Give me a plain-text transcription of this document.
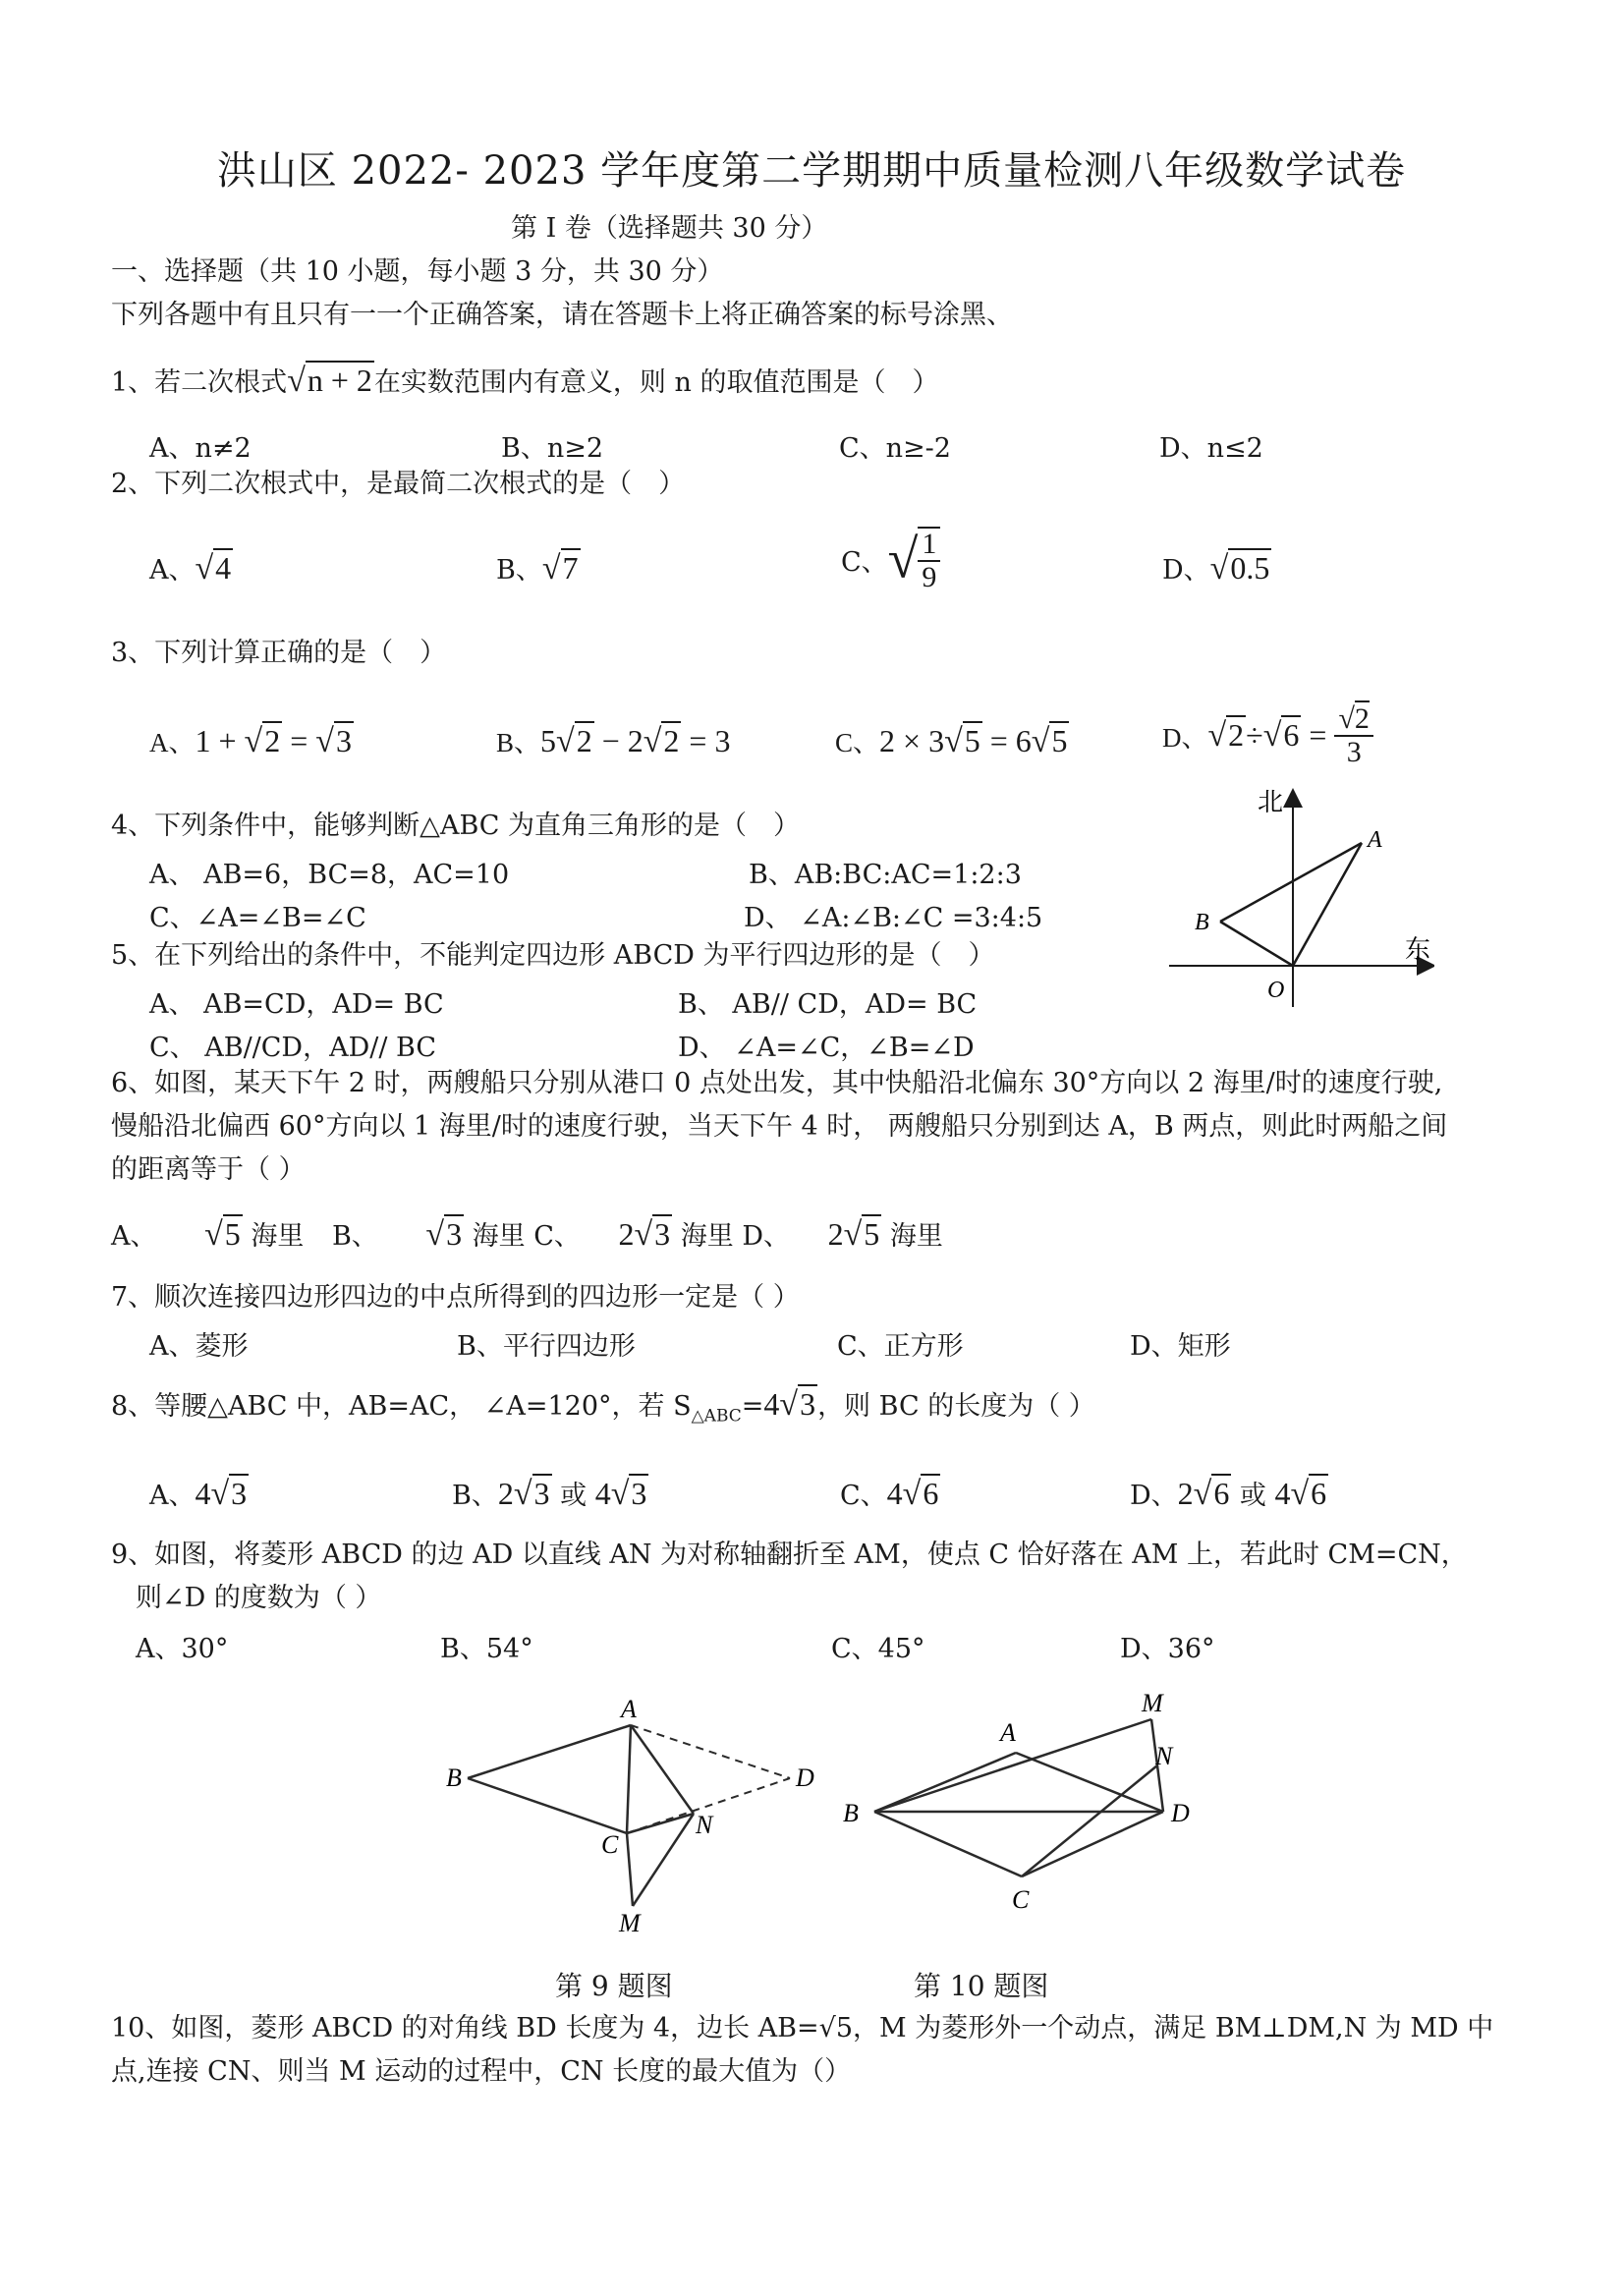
洪山区 2022- 2023 学年度第二学期期中质量检测八年级数学试卷
第 I 卷（选择题共 30 分）
一、选择题（共 10 小题，每小题 3 分，共 30 分）
下列各题中有且只有一一个正确答案，请在答题卡上将正确答案的标号涂黑、
1、若二次根式√n + 2在实数范围内有意义，则 n 的取值范围是（　）
A、n≠2	B、n≥2	C、n≥-2	D、n≤2
2、下列二次根式中，是最简二次根式的是（　）
A、√4	B、√7	C、√ $\frac{1}{9}$	D、√0.5
3、下列计算正确的是（　）
A、1 + √2 = √3	B、5√2 − 2√2 = 3	C、2 × 3√5 = 6√5	D、 $√2 \div √6 = \frac{√2}{3}$
4、下列条件中，能够判断△ABC 为直角三角形的是（　）
A、 AB=6，BC=8，AC=10	B、AB:BC:AC=1:2:3
C、∠A=∠B=∠C	D、 ∠A:∠B:∠C =3:4:5
5、在下列给出的条件中，不能判定四边形 ABCD 为平行四边形的是（　）
A、 AB=CD，AD= BC	B、 AB// CD，AD= BC
C、 AB//CD，AD// BC	D、 ∠A=∠C，∠B=∠D
北
东
A
B
O
6、如图，某天下午 2 时，两艘船只分别从港口 0 点处出发，其中快船沿北偏东 30°方向以 2 海里/时的速度行驶,
慢船沿北偏西 60°方向以 1 海里/时的速度行驶，当天下午 4 时， 两艘船只分别到达 A，B 两点，则此时两船之间
的距离等于（ ）
A、 √5 海里 B、 √3 海里 C、 2√3 海里 D、 2√5 海里
7、顺次连接四边形四边的中点所得到的四边形一定是（ ）
A、菱形	B、平行四边形	C、正方形	D、矩形
8、等腰△ABC 中，AB=AC， ∠A=120°，若 $S_{\triangle ABC}=4√3$，则 BC 的长度为（ ）
A、4√3	B、2√3 或 4√3	C、4√6	D、2√6 或 4√6
9、如图，将菱形 ABCD 的边 AD 以直线 AN 为对称轴翻折至 AM，使点 C 恰好落在 AM 上，若此时 CM=CN，
则∠D 的度数为（ ）
A、30°	B、54°	C、45°	D、36°
B
A
C
N
D
M
B
A
M
N
D
C
第 9 题图	第 10 题图
10、如图，菱形 ABCD 的对角线 BD 长度为 4，边长 AB=√5，M 为菱形外一个动点，满足 BM⊥DM,N 为 MD 中
点,连接 CN、则当 M 运动的过程中，CN 长度的最大值为（）
